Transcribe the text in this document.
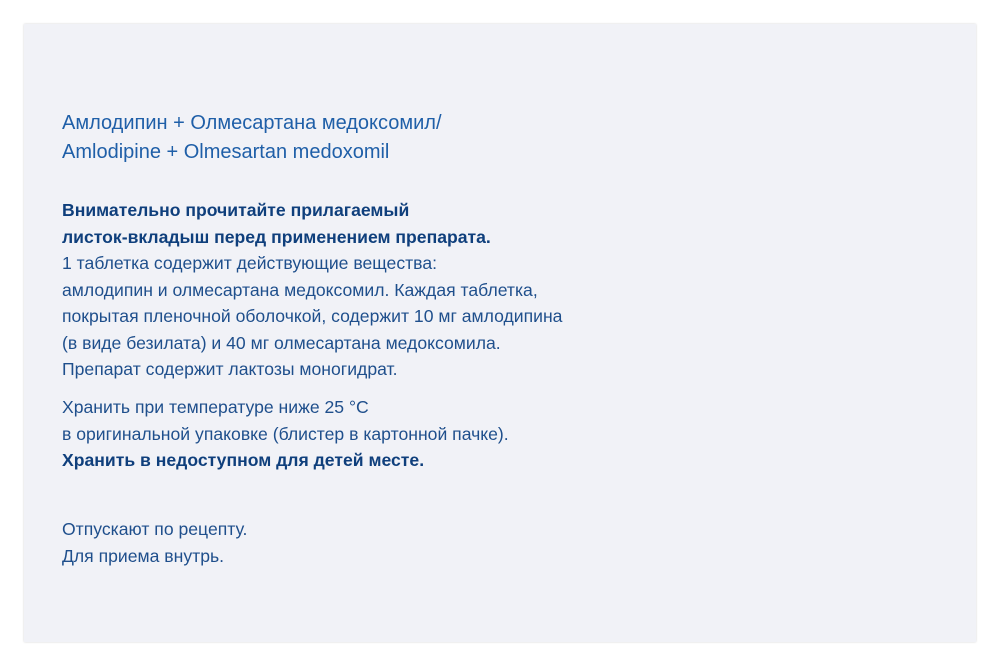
Амлодипин + Олмесартана медоксомил/
Amlodipine + Olmesartan medoxomil
Внимательно прочитайте прилагаемый
листок-вкладыш перед применением препарата.
1 таблетка содержит действующие вещества:
амлодипин и олмесартана медоксомил. Каждая таблетка,
покрытая пленочной оболочкой, содержит 10 мг амлодипина
(в виде безилата) и 40 мг олмесартана медоксомила.
Препарат содержит лактозы моногидрат.
Хранить при температуре ниже 25 °С
в оригинальной упаковке (блистер в картонной пачке).
Хранить в недоступном для детей месте.
Отпускают по рецепту.
Для приема внутрь.
